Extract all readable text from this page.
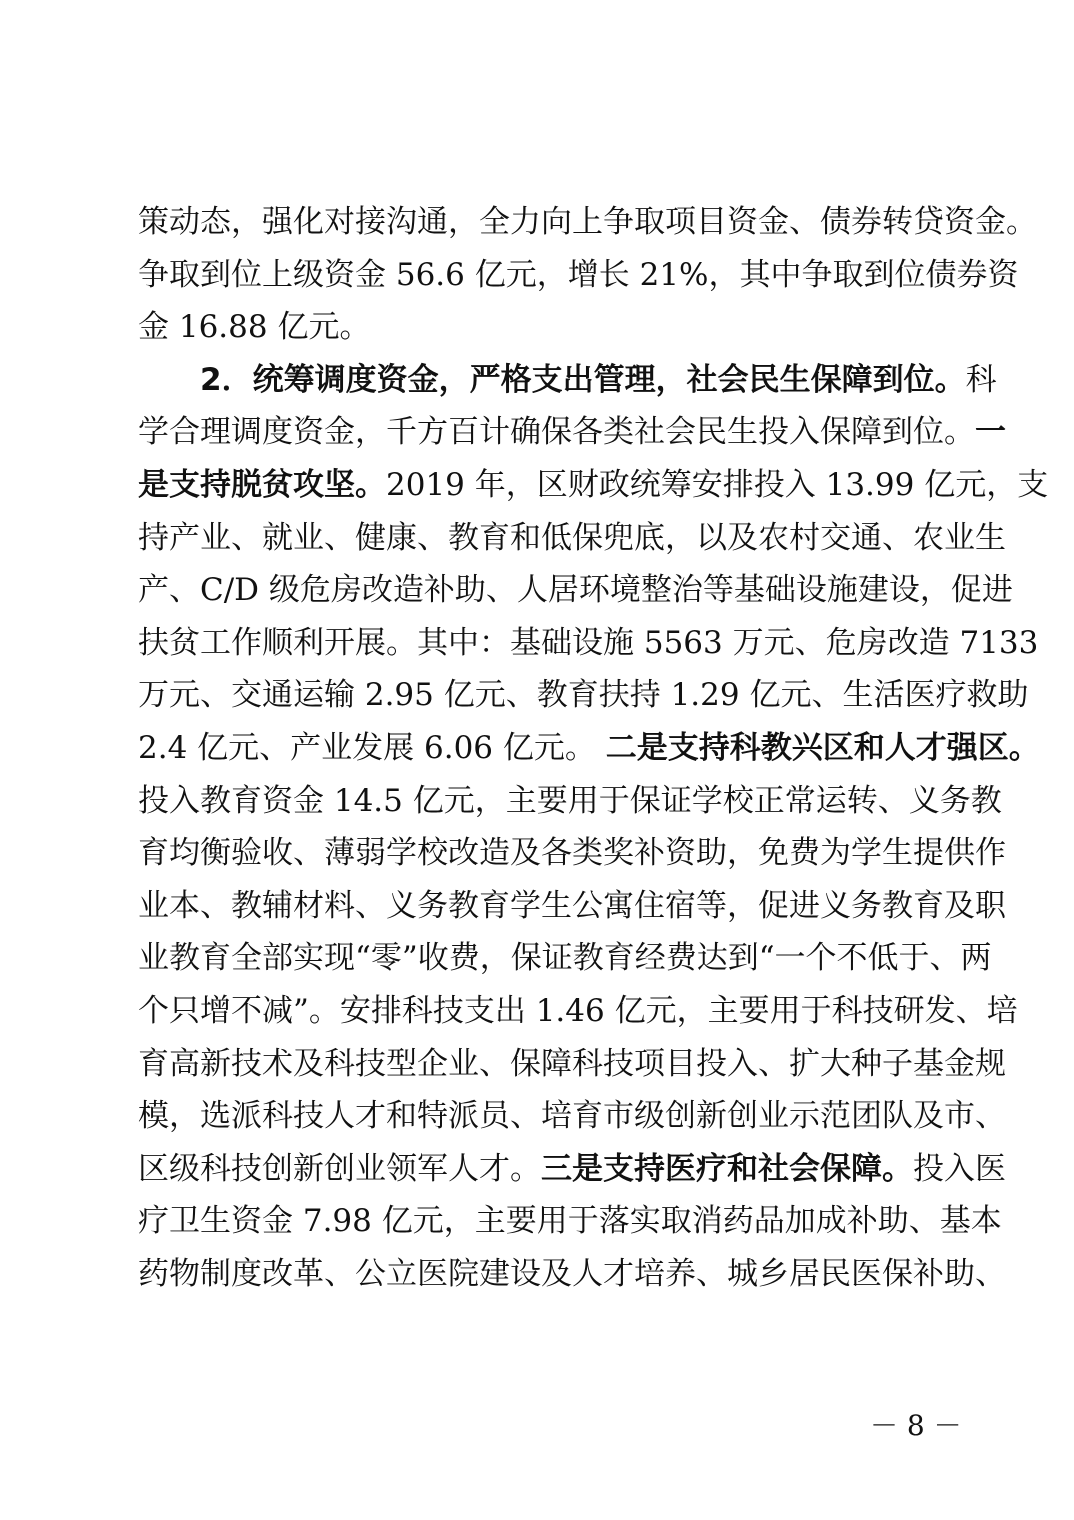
策动态，强化对接沟通，全力向上争取项目资金、债券转贷资金。
争取到位上级资金 56.6 亿元，增长 21%，其中争取到位债券资
金 16.88 亿元。
2．统筹调度资金，严格支出管理，社会民生保障到位。科
学合理调度资金，千方百计确保各类社会民生投入保障到位。一
是支持脱贫攻坚。2019 年，区财政统筹安排投入 13.99 亿元，支
持产业、就业、健康、教育和低保兜底，以及农村交通、农业生
产、C/D 级危房改造补助、人居环境整治等基础设施建设，促进
扶贫工作顺利开展。其中：基础设施 5563 万元、危房改造 7133
万元、交通运输 2.95 亿元、教育扶持 1.29 亿元、生活医疗救助
2.4 亿元、产业发展 6.06 亿元。 二是支持科教兴区和人才强区。
投入教育资金 14.5 亿元，主要用于保证学校正常运转、义务教
育均衡验收、薄弱学校改造及各类奖补资助，免费为学生提供作
业本、教辅材料、义务教育学生公寓住宿等，促进义务教育及职
业教育全部实现“零”收费，保证教育经费达到“一个不低于、两
个只增不减”。安排科技支出 1.46 亿元，主要用于科技研发、培
育高新技术及科技型企业、保障科技项目投入、扩大种子基金规
模，选派科技人才和特派员、培育市级创新创业示范团队及市、
区级科技创新创业领军人才。三是支持医疗和社会保障。投入医
疗卫生资金 7.98 亿元，主要用于落实取消药品加成补助、基本
药物制度改革、公立医院建设及人才培养、城乡居民医保补助、
－ 8 －
